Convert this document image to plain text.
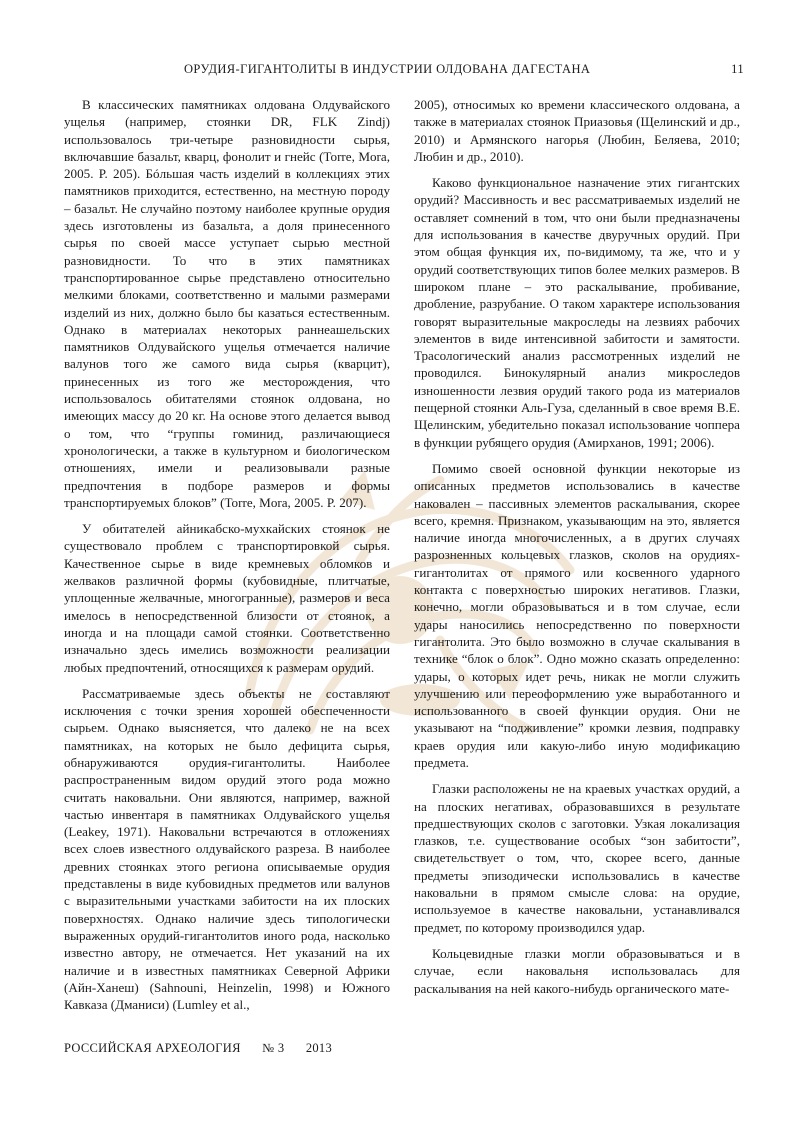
ОРУДИЯ-ГИГАНТОЛИТЫ В ИНДУСТРИИ ОЛДОВАНА ДАГЕСТАНА	11

В классических памятниках олдована Олдувайского ущелья (например, стоянки DR, FLK Zindj) использовалось три-четыре разновидности сырья, включавшие базальт, кварц, фонолит и гнейс (Torre, Mora, 2005. P. 205). Бóльшая часть изделий в коллекциях этих памятников приходится, естественно, на местную породу – базальт. Не случайно поэтому наиболее крупные орудия здесь изготовлены из базальта, а доля принесенного сырья по своей массе уступает сырью местной разновидности. То что в этих памятниках транспортированное сырье представлено относительно мелкими блоками, соответственно и малыми размерами изделий из них, должно было бы казаться естественным. Однако в материалах некоторых раннеашельских памятников Олдувайского ущелья отмечается наличие валунов того же самого вида сырья (кварцит), принесенных из того же месторождения, что использовалось обитателями стоянок олдована, но имеющих массу до 20 кг. На основе этого делается вывод о том, что “группы гоминид, различающиеся хронологически, а также в культурном и биологическом отношениях, имели и реализовывали разные предпочтения в подборе размеров и формы транспортируемых блоков” (Torre, Mora, 2005. P. 207).

У обитателей айникабско-мухкайских стоянок не существовало проблем с транспортировкой сырья. Качественное сырье в виде кремневых обломков и желваков различной формы (кубовидные, плитчатые, уплощенные желвачные, многогранные), размеров и веса имелось в непосредственной близости от стоянок, а иногда и на площади самой стоянки. Соответственно изначально здесь имелись возможности реализации любых предпочтений, относящихся к размерам орудий.

Рассматриваемые здесь объекты не составляют исключения с точки зрения хорошей обеспеченности сырьем. Однако выясняется, что далеко не на всех памятниках, на которых не было дефицита сырья, обнаруживаются орудия-гигантолиты. Наиболее распространенным видом орудий этого рода можно считать наковальни. Они являются, например, важной частью инвентаря в памятниках Олдувайского ущелья (Leakey, 1971). Наковальни встречаются в отложениях всех слоев известного олдувайского разреза. В наиболее древних стоянках этого региона описываемые орудия представлены в виде кубовидных предметов или валунов с выразительными участками забитости на их плоских поверхностях. Однако наличие здесь типологически выраженных орудий-гигантолитов иного рода, насколько известно автору, не отмечается. Нет указаний на их наличие и в известных памятниках Северной Африки (Айн-Ханеш) (Sahnouni, Heinzelin, 1998) и Южного Кавказа (Дманиси) (Lumley et al.,

2005), относимых ко времени классического олдована, а также в материалах стоянок Приазовья (Щелинский и др., 2010) и Армянского нагорья (Любин, Беляева, 2010; Любин и др., 2010).

Каково функциональное назначение этих гигантских орудий? Массивность и вес рассматриваемых изделий не оставляет сомнений в том, что они были предназначены для использования в качестве двуручных орудий. При этом общая функция их, по-видимому, та же, что и у орудий соответствующих типов более мелких размеров. В широком плане – это раскалывание, пробивание, дробление, разрубание. О таком характере использования говорят выразительные макроследы на лезвиях рабочих элементов в виде интенсивной забитости и замятости. Трасологический анализ рассмотренных изделий не проводился. Бинокулярный анализ микроследов изношенности лезвия орудий такого рода из материалов пещерной стоянки Аль-Гуза, сделанный в свое время В.Е. Щелинским, убедительно показал использование чоппера в функции рубящего орудия (Амирханов, 1991; 2006).

Помимо своей основной функции некоторые из описанных предметов использовались в качестве наковален – пассивных элементов раскалывания, скорее всего, кремня. Признаком, указывающим на это, является наличие иногда многочисленных, а в других случаях разрозненных кольцевых глазков, сколов на орудиях-гигантолитах от прямого или косвенного ударного контакта с поверхностью широких негативов. Глазки, конечно, могли образовываться и в том случае, если удары наносились непосредственно по поверхности гигантолита. Это было возможно в случае скалывания в технике “блок о блок”. Одно можно сказать определенно: удары, о которых идет речь, никак не могли служить улучшению или переоформлению уже выработанного и использованного в своей функции орудия. Они не указывают на “подживление” кромки лезвия, подправку краев орудия или какую-либо иную модификацию предмета.

Глазки расположены не на краевых участках орудий, а на плоских негативах, образовавшихся в результате предшествующих сколов с заготовки. Узкая локализация глазков, т.е. существование особых “зон забитости”, свидетельствует о том, что, скорее всего, данные предметы эпизодически использовались в качестве наковальни в прямом смысле слова: на орудие, используемое в качестве наковальни, устанавливался предмет, по которому производился удар.

Кольцевидные глазки могли образовываться и в случае, если наковальня использовалась для раскалывания на ней какого-нибудь органического мате-

РОССИЙСКАЯ АРХЕОЛОГИЯ № 3 2013
